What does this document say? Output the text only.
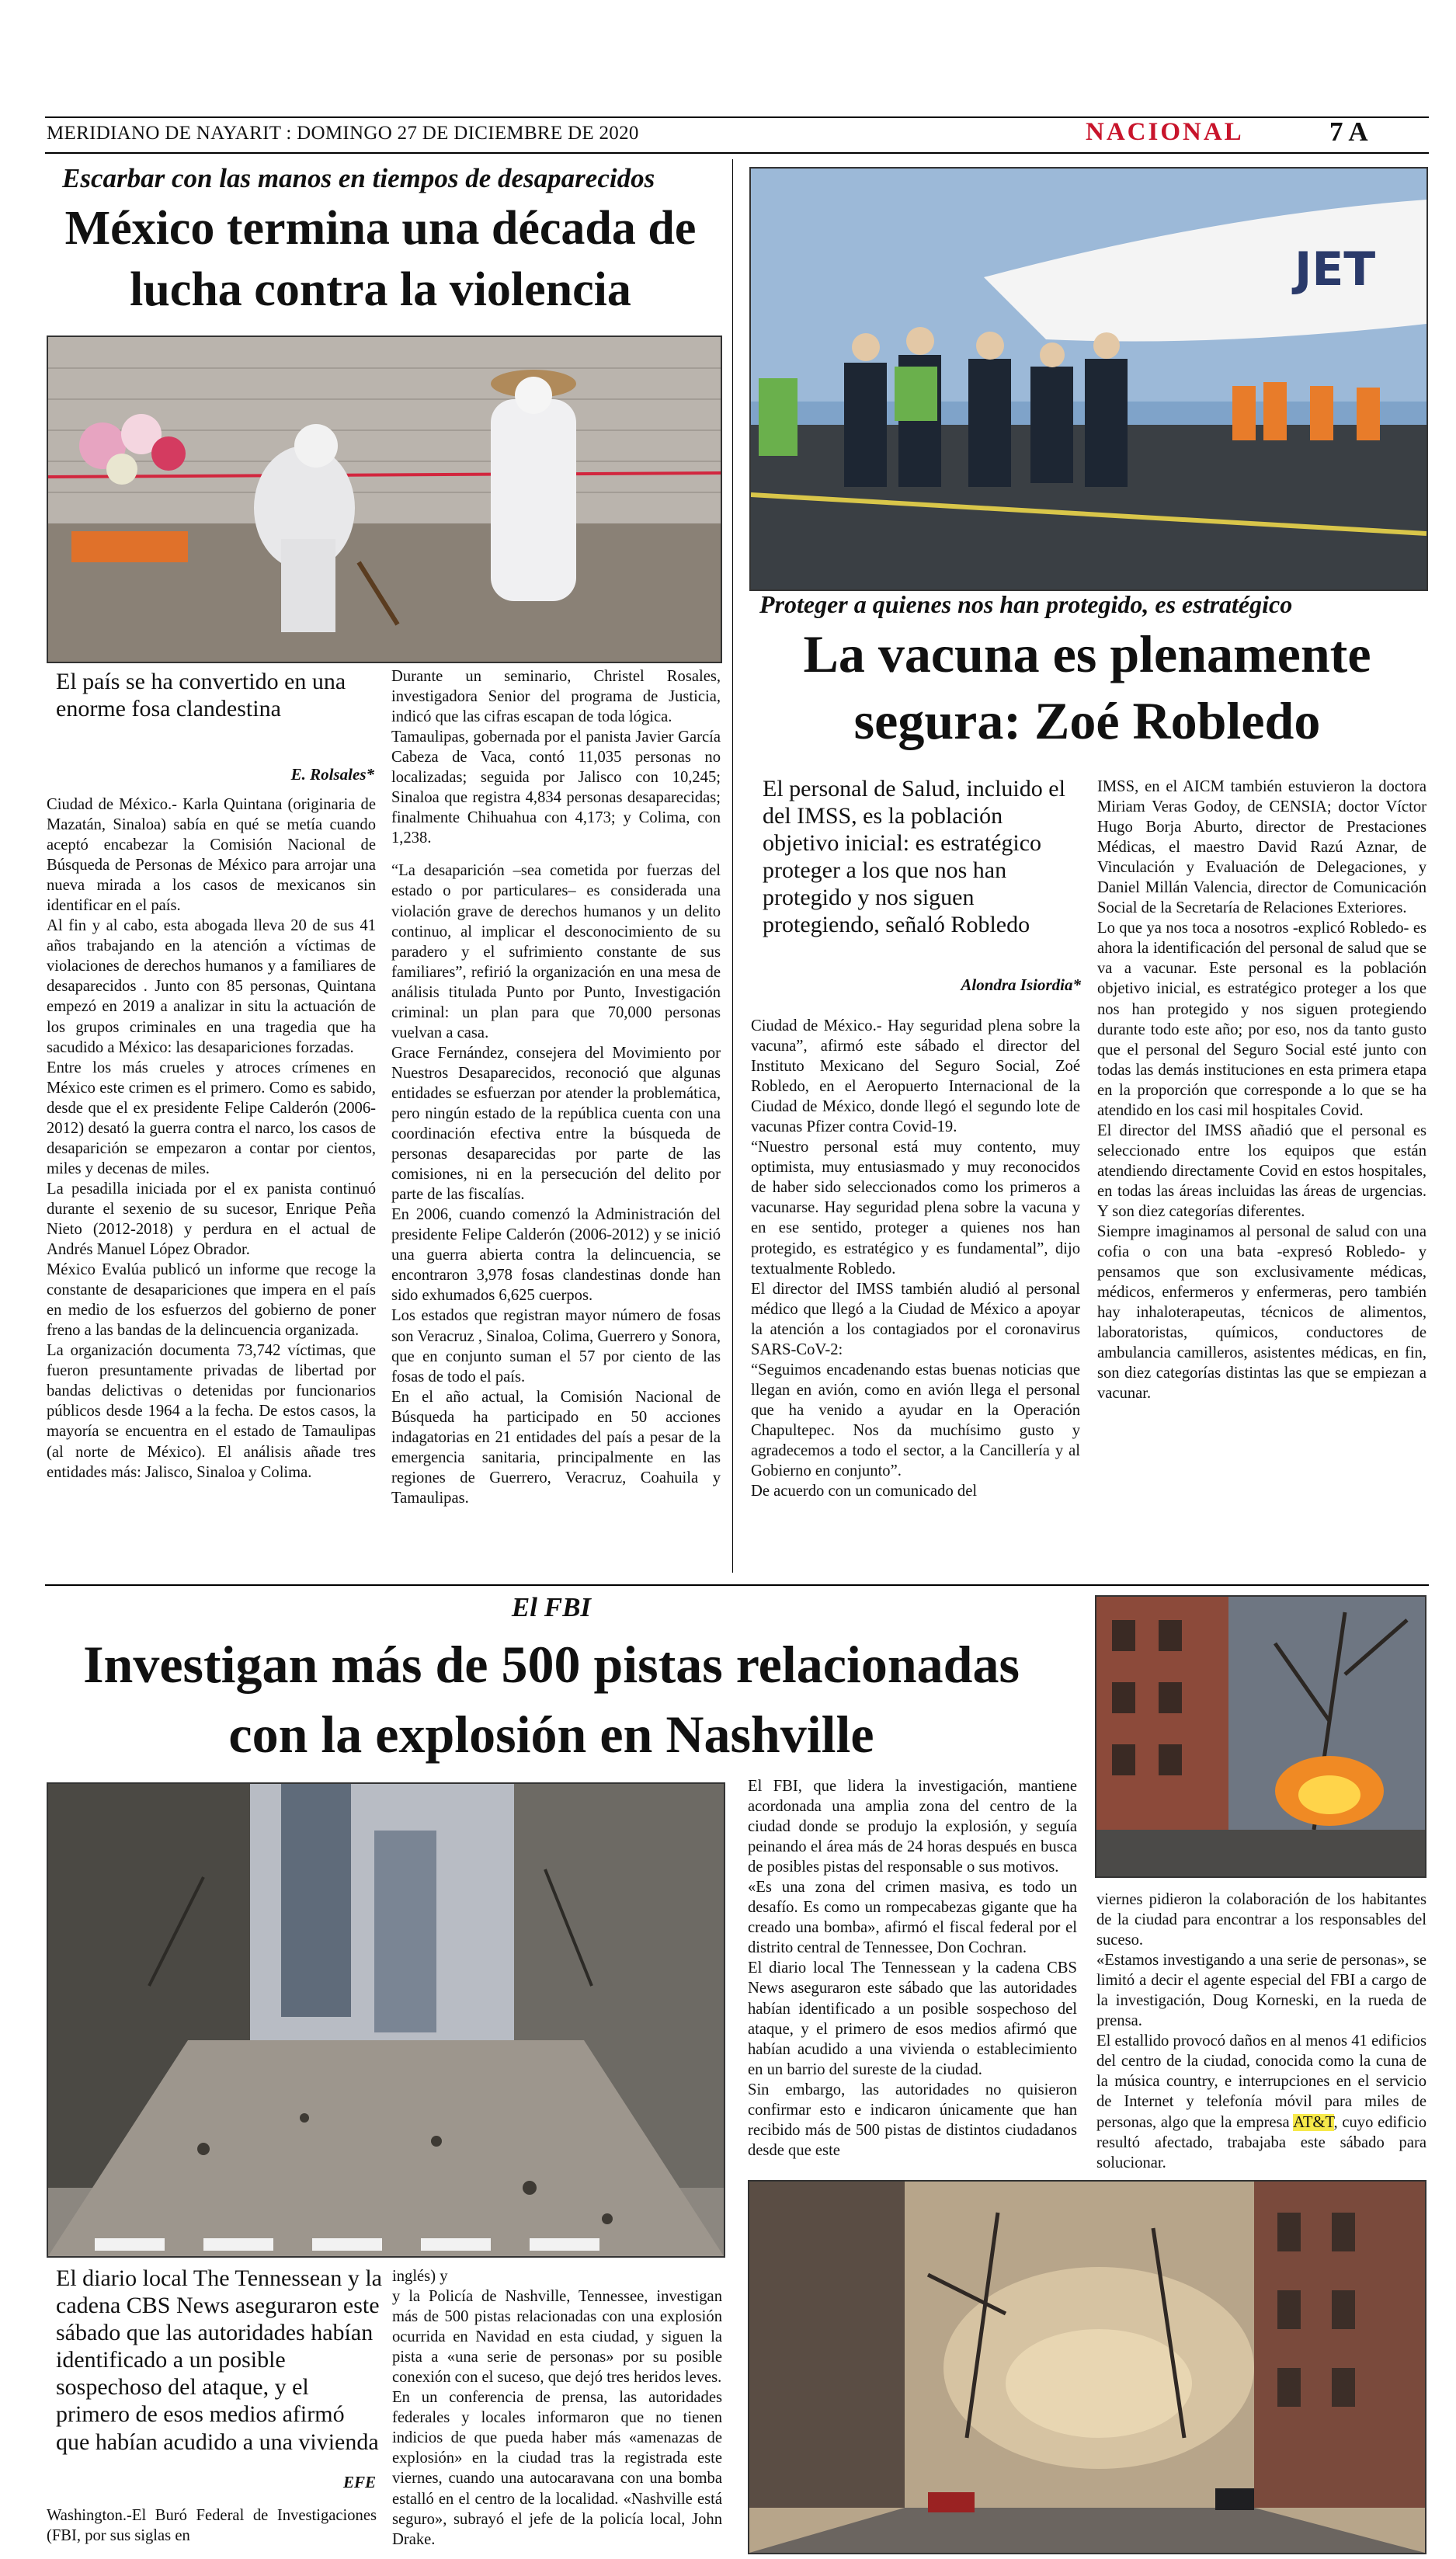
MERIDIANO DE NAYARIT : DOMINGO 27 DE DICIEMBRE DE 2020	NACIONAL	7 A
Escarbar con las manos en tiempos de desaparecidos
México termina una década de lucha contra la violencia
El país se ha convertido en una enorme fosa clandestina
E. Rolsales*

Ciudad de México.- Karla Quintana (originaria de Mazatán, Sinaloa) sabía en qué se metía cuando aceptó encabezar la Comisión Nacional de Búsqueda de Personas de México para arrojar una nueva mirada a los casos de mexicanos sin identificar en el país.

Al fin y al cabo, esta abogada lleva 20 de sus 41 años trabajando en la atención a víctimas de violaciones de derechos humanos y a familiares de desaparecidos . Junto con 85 personas, Quintana empezó en 2019 a analizar in situ la actuación de los grupos criminales en una tragedia que ha sacudido a México: las desapariciones forzadas.

Entre los más crueles y atroces crímenes en México este crimen es el primero. Como es sabido, desde que el ex presidente Felipe Calderón (2006-2012) desató la guerra contra el narco, los casos de desaparición se empezaron a contar por cientos, miles y decenas de miles.

La pesadilla iniciada por el ex panista continuó durante el sexenio de su sucesor, Enrique Peña Nieto (2012-2018) y perdura en el actual de Andrés Manuel López Obrador.

México Evalúa publicó un informe que recoge la constante de desapariciones que impera en el país en medio de los esfuerzos del gobierno de poner freno a las bandas de la delincuencia organizada.

La organización documenta 73,742 víctimas, que fueron presuntamente privadas de libertad por bandas delictivas o detenidas por funcionarios públicos desde 1964 a la fecha. De estos casos, la mayoría se encuentra en el estado de Tamaulipas (al norte de México). El análisis añade tres entidades más: Jalisco, Sinaloa y Colima.

Durante un seminario, Christel Rosales, investigadora Senior del programa de Justicia, indicó que las cifras escapan de toda lógica.

Tamaulipas, gobernada por el panista Javier García Cabeza de Vaca, contó 11,035 personas no localizadas; seguida por Jalisco con 10,245; Sinaloa que registra 4,834 personas desaparecidas; finalmente Chihuahua con 4,173; y Colima, con 1,238.

“La desaparición –sea cometida por fuerzas del estado o por particulares– es considerada una violación grave de derechos humanos y un delito continuo, al implicar el desconocimiento de su paradero y el sufrimiento constante de sus familiares”, refirió la organización en una mesa de análisis titulada Punto por Punto, Investigación criminal: un plan para que 70,000 personas vuelvan a casa.

Grace Fernández, consejera del Movimiento por Nuestros Desaparecidos, reconoció que algunas entidades se esfuerzan por atender la problemática, pero ningún estado de la república cuenta con una coordinación efectiva entre la búsqueda de personas desaparecidas por parte de las comisiones, ni en la persecución del delito por parte de las fiscalías.

En 2006, cuando comenzó la Administración del presidente Felipe Calderón (2006-2012) y se inició una guerra abierta contra la delincuencia, se encontraron 3,978 fosas clandestinas donde han sido exhumados 6,625 cuerpos.

Los estados que registran mayor número de fosas son Veracruz , Sinaloa, Colima, Guerrero y Sonora, que en conjunto suman el 57 por ciento de las fosas de todo el país.

En el año actual, la Comisión Nacional de Búsqueda ha participado en 50 acciones indagatorias en 21 entidades del país a pesar de la emergencia sanitaria, principalmente en las regiones de Guerrero, Veracruz, Coahuila y Tamaulipas.

JET
Proteger a quienes nos han protegido, es estratégico
La vacuna es plenamente segura: Zoé Robledo
El personal de Salud, incluido el del IMSS, es la población objetivo inicial: es estratégico proteger a los que nos han protegido y nos siguen protegiendo, señaló Robledo
Alondra Isiordia*

Ciudad de México.- Hay seguridad plena sobre la vacuna”, afirmó este sábado el director del Instituto Mexicano del Seguro Social, Zoé Robledo, en el Aeropuerto Internacional de la Ciudad de México, donde llegó el segundo lote de vacunas Pfizer contra Covid-19.

“Nuestro personal está muy contento, muy optimista, muy entusiasmado y muy reconocidos de haber sido seleccionados como los primeros a vacunarse. Hay seguridad plena sobre la vacuna y en ese sentido, proteger a quienes nos han protegido, es estratégico y es fundamental”, dijo textualmente Robledo.

El director del IMSS también aludió al personal médico que llegó a la Ciudad de México a apoyar la atención a los contagiados por el coronavirus SARS-CoV-2:

“Seguimos encadenando estas buenas noticias que llegan en avión, como en avión llega el personal que ha venido a ayudar en la Operación Chapultepec. Nos da muchísimo gusto y agradecemos a todo el sector, a la Cancillería y al Gobierno en conjunto”.

De acuerdo con un comunicado del

IMSS, en el AICM también estuvieron la doctora Miriam Veras Godoy, de CENSIA; doctor Víctor Hugo Borja Aburto, director de Prestaciones Médicas, el maestro David Razú Aznar, de Vinculación y Evaluación de Delegaciones, y Daniel Millán Valencia, director de Comunicación Social de la Secretaría de Relaciones Exteriores.

Lo que ya nos toca a nosotros -explicó Robledo- es ahora la identificación del personal de salud que se va a vacunar. Este personal es la población objetivo inicial, es estratégico proteger a los que nos han protegido y nos siguen protegiendo durante todo este año; por eso, nos da tanto gusto que el personal del Seguro Social esté junto con todas las demás instituciones en esta primera etapa en la proporción que corresponde a lo que se ha atendido en los casi mil hospitales Covid.

El director del IMSS añadió que el personal es seleccionado entre los equipos que están atendiendo directamente Covid en estos hospitales, en todas las áreas incluidas las áreas de urgencias. Y son diez categorías diferentes.

Siempre imaginamos al personal de salud con una cofia o con una bata -expresó Robledo- y pensamos que son exclusivamente médicas, médicos, enfermeros y enfermeras, pero también hay inhaloterapeutas, técnicos de alimentos, laboratoristas, químicos, conductores de ambulancia camilleros, asistentes médicas, en fin, son diez categorías distintas las que se empiezan a vacunar.

El FBI
Investigan más de 500 pistas relacionadas con la explosión en Nashville
El diario local The Tennessean y la cadena CBS News aseguraron este sábado que las autoridades habían identificado a un posible sospechoso del ataque, y el primero de esos medios afirmó que habían acudido a una vivienda
EFE

Washington.-El Buró Federal de Investigaciones (FBI, por sus siglas en

inglés) y

y la Policía de Nashville, Tennessee, investigan más de 500 pistas relacionadas con una explosión ocurrida en Navidad en esta ciudad, y siguen la pista a «una serie de personas» por su posible conexión con el suceso, que dejó tres heridos leves.

En un conferencia de prensa, las autoridades federales y locales informaron que no tienen indicios de que pueda haber más «amenazas de explosión» en la ciudad tras la registrada este viernes, cuando una autocaravana con una bomba estalló en el centro de la localidad. «Nashville está seguro», subrayó el jefe de la policía local, John Drake.

El FBI, que lidera la investigación, mantiene acordonada una amplia zona del centro de la ciudad donde se produjo la explosión, y seguía peinando el área más de 24 horas después en busca de posibles pistas del responsable o sus motivos.

«Es una zona del crimen masiva, es todo un desafío. Es como un rompecabezas gigante que ha creado una bomba», afirmó el fiscal federal por el distrito central de Tennessee, Don Cochran.

El diario local The Tennessean y la cadena CBS News aseguraron este sábado que las autoridades habían identificado a un posible sospechoso del ataque, y el primero de esos medios afirmó que habían acudido a una vivienda o establecimiento en un barrio del sureste de la ciudad.

Sin embargo, las autoridades no quisieron confirmar esto e indicaron únicamente que han recibido más de 500 pistas de distintos ciudadanos desde que este

viernes pidieron la colaboración de los habitantes de la ciudad para encontrar a los responsables del suceso.

«Estamos investigando a una serie de personas», se limitó a decir el agente especial del FBI a cargo de la investigación, Doug Korneski, en la rueda de prensa.

El estallido provocó daños en al menos 41 edificios del centro de la ciudad, conocida como la cuna de la música country, e interrupciones en el servicio de Internet y telefonía móvil para miles de personas, algo que la empresa AT&T, cuyo edificio resultó afectado, trabajaba este sábado para solucionar.
